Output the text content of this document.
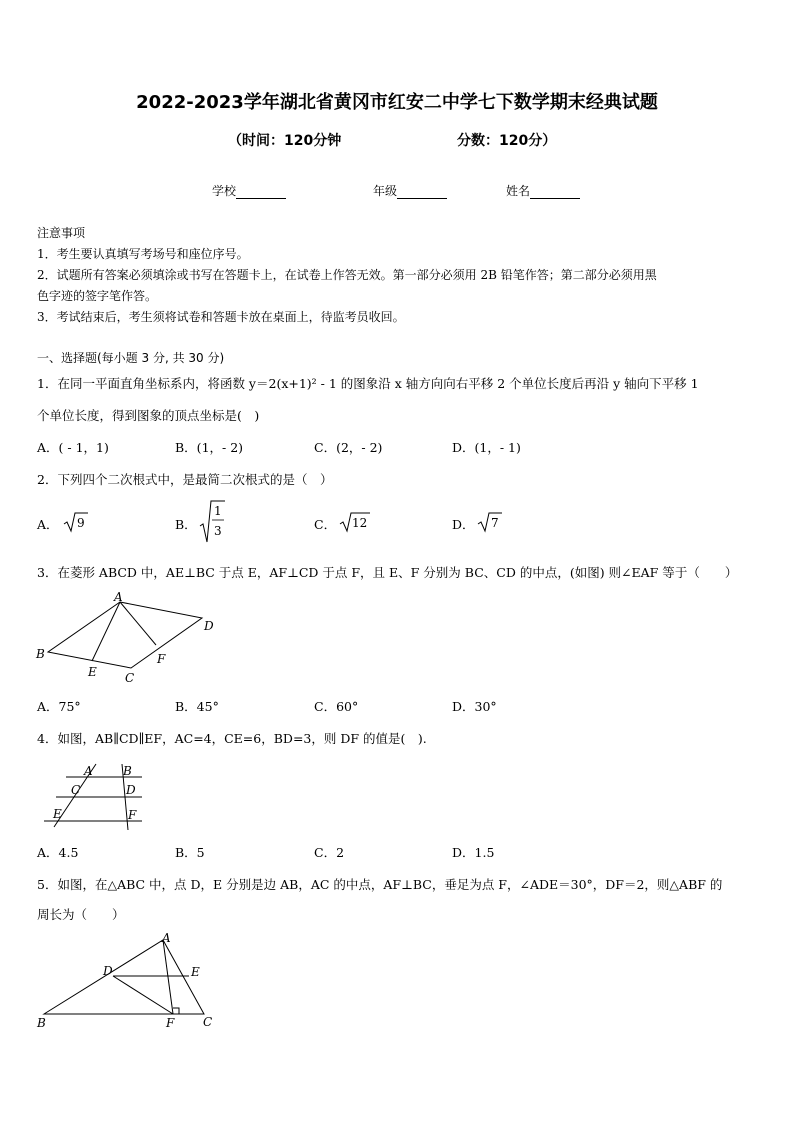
2022-2023学年湖北省黄冈市红安二中学七下数学期末经典试题
（时间：120分钟	分数：120分）
学校	年级	姓名
注意事项
1．考生要认真填写考场号和座位序号。
2．试题所有答案必须填涂或书写在答题卡上，在试卷上作答无效。第一部分必须用 2B 铅笔作答；第二部分必须用黑
色字迹的签字笔作答。
3．考试结束后，考生须将试卷和答题卡放在桌面上，待监考员收回。
一、选择题(每小题 3 分, 共 30 分)
1．在同一平面直角坐标系内，将函数 y＝2(x+1)² - 1 的图象沿 x 轴方向向右平移 2 个单位长度后再沿 y 轴向下平移 1
个单位长度，得到图象的顶点坐标是(　)
A．( - 1，1)	B．(1，- 2)	C．(2，- 2)	D．(1，- 1)
2．下列四个二次根式中，是最简二次根式的是（　）
A． 9	B．
1
3	C． 12	D． 7
3．在菱形 ABCD 中，AE⊥BC 于点 E，AF⊥CD 于点 F，且 E、F 分别为 BC、CD 的中点，(如图) 则∠EAF 等于（　　）
A
B
C
D
E
F
A．75°	B．45°	C．60°	D．30°
4．如图，AB∥CD∥EF，AC=4，CE=6，BD=3，则 DF 的值是(　).
A	B
C	D
E	F
A．4.5	B．5	C．2	D．1.5
5．如图，在△ABC 中，点 D，E 分别是边 AB，AC 的中点，AF⊥BC，垂足为点 F，∠ADE＝30°，DF＝2，则△ABF 的
周长为（　　）
A
B	C
D	E
F
